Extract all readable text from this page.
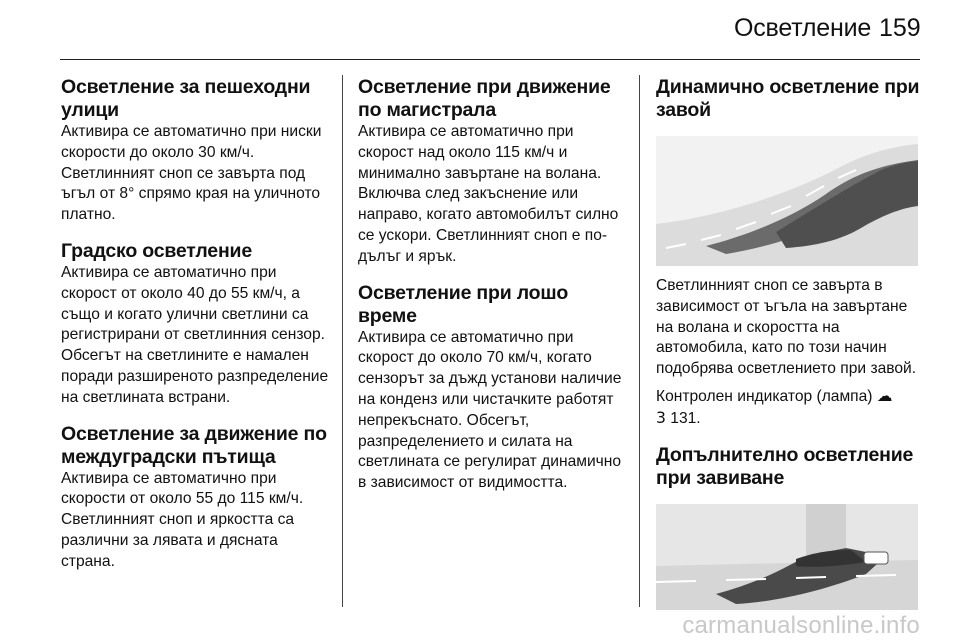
Осветление 159
Осветление за пешеходни улици

Активира се автоматично при ниски скорости до около 30 км/ч. Светлинният сноп се завърта под ъгъл от 8° спрямо края на уличното платно.

Градско осветление

Активира се автоматично при скорост от около 40 до 55 км/ч, а също и когато улични светлини са регистрирани от светлинния сензор. Обсегът на светлините е намален поради разширеното разпределение на светлината встрани.

Осветление за движение по междуградски пътища

Активира се автоматично при скорости от около 55 до 115 км/ч. Светлинният сноп и яркостта са различни за лявата и дясната страна.

Осветление при движение по магистрала

Активира се автоматично при скорост над около 115 км/ч и минимално завъртане на волана. Включва след закъснение или направо, когато автомобилът силно се ускори. Светлинният сноп е по-дълъг и ярък.

Осветление при лошо време

Активира се автоматично при скорост до около 70 км/ч, когато сензорът за дъжд установи наличие на конденз или чистачките работят непрекъснато. Обсегът, разпределението и силата на светлината се регулират динамично в зависимост от видимостта.

Динамично осветление при завой

Светлинният сноп се завърта в зависимост от ъгъла на завъртане на волана и скоростта на автомобила, като по този начин подобрява осветлението при завой.

Контролен индикатор (лампа) ☁

3 131.

Допълнително осветление при завиване
carmanualsonline.info
